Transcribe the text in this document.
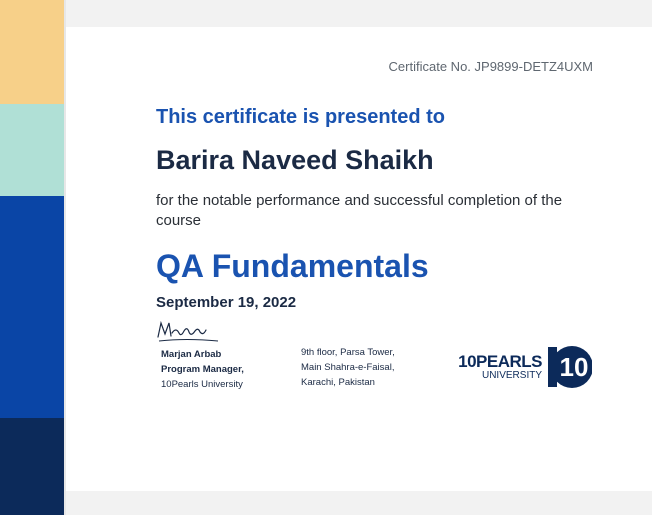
Certificate No. JP9899-DETZ4UXM
This certificate is presented to
Barira Naveed Shaikh
for the notable performance and successful completion of the course
QA Fundamentals
September 19, 2022
Marjan Arbab
Program Manager,
10Pearls University
9th floor, Parsa Tower,
Main Shahra-e-Faisal,
Karachi, Pakistan
10PEARLS
UNIVERSITY 10
